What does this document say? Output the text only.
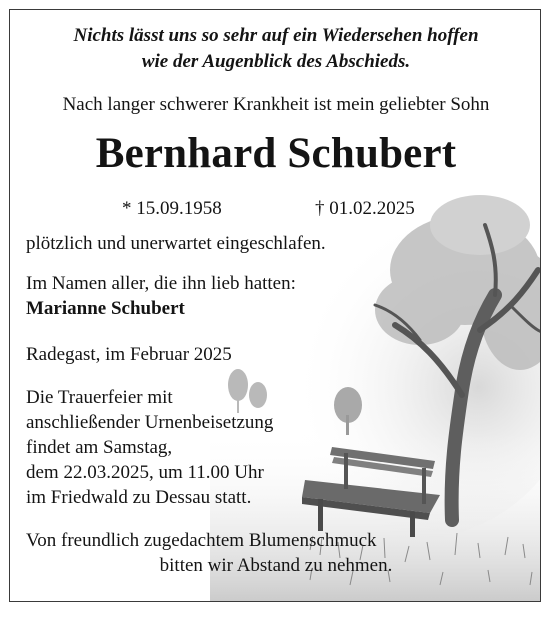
Nichts lässt uns so sehr auf ein Wiedersehen hoffen
wie der Augenblick des Abschieds.
Nach langer schwerer Krankheit ist mein geliebter Sohn
Bernhard Schubert
* 15.09.1958	† 01.02.2025
plötzlich und unerwartet eingeschlafen.
Im Namen aller, die ihn lieb hatten:
Marianne Schubert
Radegast, im Februar 2025
Die Trauerfeier mit
anschließender Urnenbeisetzung
findet am Samstag,
dem 22.03.2025, um 11.00 Uhr
im Friedwald zu Dessau statt.
Von freundlich zugedachtem Blumenschmuck
bitten wir Abstand zu nehmen.
